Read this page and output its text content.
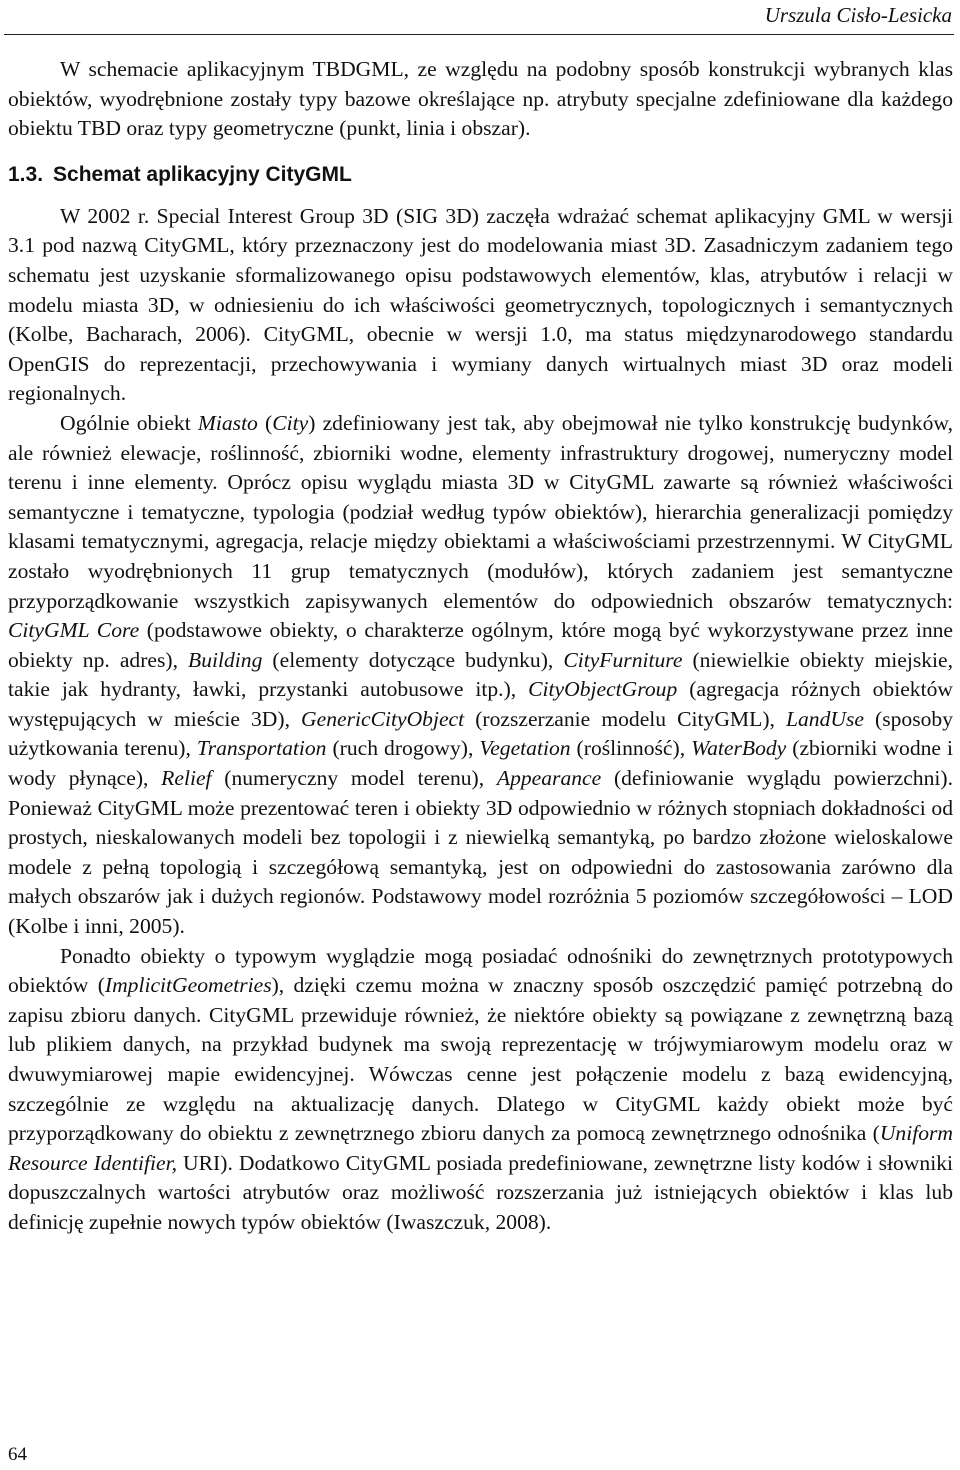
Urszula Cisło-Lesicka

W schemacie aplikacyjnym TBDGML, ze względu na podobny sposób konstrukcji wybranych klas obiektów, wyodrębnione zostały typy bazowe określające np. atrybuty specjalne zdefiniowane dla każdego obiektu TBD oraz typy geometryczne (punkt, linia i obszar).

1.3. Schemat aplikacyjny CityGML

W 2002 r. Special Interest Group 3D (SIG 3D) zaczęła wdrażać schemat aplikacyjny GML w wersji 3.1 pod nazwą CityGML, który przeznaczony jest do modelowania miast 3D. Zasadniczym zadaniem tego schematu jest uzyskanie sformalizowanego opisu podstawowych elementów, klas, atrybutów i relacji w modelu miasta 3D, w odniesieniu do ich właściwości geometrycznych, topologicznych i semantycznych (Kolbe, Bacharach, 2006). CityGML, obecnie w wersji 1.0, ma status międzynarodowego standardu OpenGIS do reprezentacji, przechowywania i wymiany danych wirtualnych miast 3D oraz modeli regionalnych.

Ogólnie obiekt Miasto (City) zdefiniowany jest tak, aby obejmował nie tylko konstrukcję budynków, ale również elewacje, roślinność, zbiorniki wodne, elementy infrastruktury drogowej, numeryczny model terenu i inne elementy. Oprócz opisu wyglądu miasta 3D w CityGML zawarte są również właściwości semantyczne i tematyczne, typologia (podział według typów obiektów), hierarchia generalizacji pomiędzy klasami tematycznymi, agregacja, relacje między obiektami a właściwościami przestrzennymi. W CityGML zostało wyodrębnionych 11 grup tematycznych (modułów), których zadaniem jest semantyczne przyporządkowanie wszystkich zapisywanych elementów do odpowiednich obszarów tematycznych: CityGML Core (podstawowe obiekty, o charakterze ogólnym, które mogą być wykorzystywane przez inne obiekty np. adres), Building (elementy dotyczące budynku), CityFurniture (niewielkie obiekty miejskie, takie jak hydranty, ławki, przystanki autobusowe itp.), CityObjectGroup (agregacja różnych obiektów występujących w mieście 3D), GenericCityObject (rozszerzanie modelu CityGML), LandUse (sposoby użytkowania terenu), Transportation (ruch drogowy), Vegetation (roślinność), WaterBody (zbiorniki wodne i wody płynące), Relief (numeryczny model terenu), Appearance (definiowanie wyglądu powierzchni). Ponieważ CityGML może prezentować teren i obiekty 3D odpowiednio w różnych stopniach dokładności od prostych, nieskalowanych modeli bez topologii i z niewielką semantyką, po bardzo złożone wieloskalowe modele z pełną topologią i szczegółową semantyką, jest on odpowiedni do zastosowania zarówno dla małych obszarów jak i dużych regionów. Podstawowy model rozróżnia 5 poziomów szczegółowości – LOD (Kolbe i inni, 2005).

Ponadto obiekty o typowym wyglądzie mogą posiadać odnośniki do zewnętrznych prototypowych obiektów (ImplicitGeometries), dzięki czemu można w znaczny sposób oszczędzić pamięć potrzebną do zapisu zbioru danych. CityGML przewiduje również, że niektóre obiekty są powiązane z zewnętrzną bazą lub plikiem danych, na przykład budynek ma swoją reprezentację w trójwymiarowym modelu oraz w dwuwymiarowej mapie ewidencyjnej. Wówczas cenne jest połączenie modelu z bazą ewidencyjną, szczególnie ze względu na aktualizację danych. Dlatego w CityGML każdy obiekt może być przyporządkowany do obiektu z zewnętrznego zbioru danych za pomocą zewnętrznego odnośnika (Uniform Resource Identifier, URI). Dodatkowo CityGML posiada predefiniowane, zewnętrzne listy kodów i słowniki dopuszczalnych wartości atrybutów oraz możliwość rozszerzania już istniejących obiektów i klas lub definicję zupełnie nowych typów obiektów (Iwaszczuk, 2008).

64
